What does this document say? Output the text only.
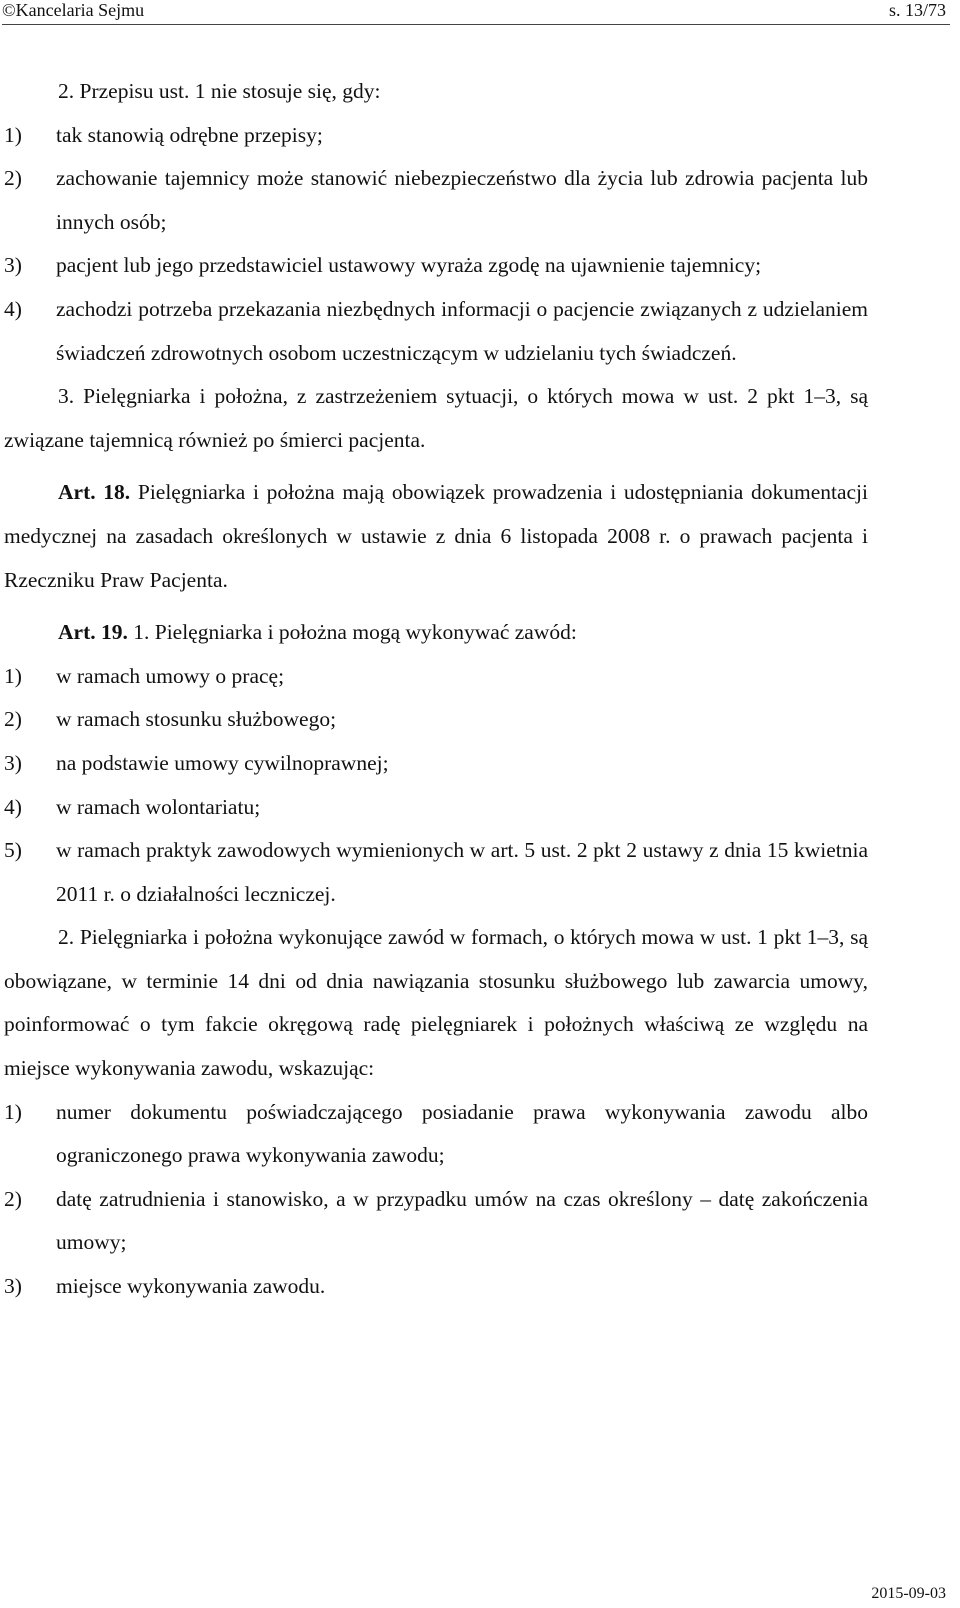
©Kancelaria Sejmu	s. 13/73

2. Przepisu ust. 1 nie stosuje się, gdy:

1)	tak stanowią odrębne przepisy;
2)	zachowanie tajemnicy może stanowić niebezpieczeństwo dla życia lub zdrowia pacjenta lub innych osób;
3)	pacjent lub jego przedstawiciel ustawowy wyraża zgodę na ujawnienie tajemnicy;
4)	zachodzi potrzeba przekazania niezbędnych informacji o pacjencie związanych z udzielaniem świadczeń zdrowotnych osobom uczestniczącym w udzielaniu tych świadczeń.

3. Pielęgniarka i położna, z zastrzeżeniem sytuacji, o których mowa w ust. 2 pkt 1–3, są związane tajemnicą również po śmierci pacjenta.

Art. 18. Pielęgniarka i położna mają obowiązek prowadzenia i udostępniania dokumentacji medycznej na zasadach określonych w ustawie z dnia 6 listopada 2008 r. o prawach pacjenta i Rzeczniku Praw Pacjenta.

Art. 19. 1. Pielęgniarka i położna mogą wykonywać zawód:

1)	w ramach umowy o pracę;
2)	w ramach stosunku służbowego;
3)	na podstawie umowy cywilnoprawnej;
4)	w ramach wolontariatu;
5)	w ramach praktyk zawodowych wymienionych w art. 5 ust. 2 pkt 2 ustawy z dnia 15 kwietnia 2011 r. o działalności leczniczej.

2. Pielęgniarka i położna wykonujące zawód w formach, o których mowa w ust. 1 pkt 1–3, są obowiązane, w terminie 14 dni od dnia nawiązania stosunku służbowego lub zawarcia umowy, poinformować o tym fakcie okręgową radę pielęgniarek i położnych właściwą ze względu na miejsce wykonywania zawodu, wskazując:

1)	numer dokumentu poświadczającego posiadanie prawa wykonywania zawodu albo ograniczonego prawa wykonywania zawodu;
2)	datę zatrudnienia i stanowisko, a w przypadku umów na czas określony – datę zakończenia umowy;
3)	miejsce wykonywania zawodu.
2015-09-03
